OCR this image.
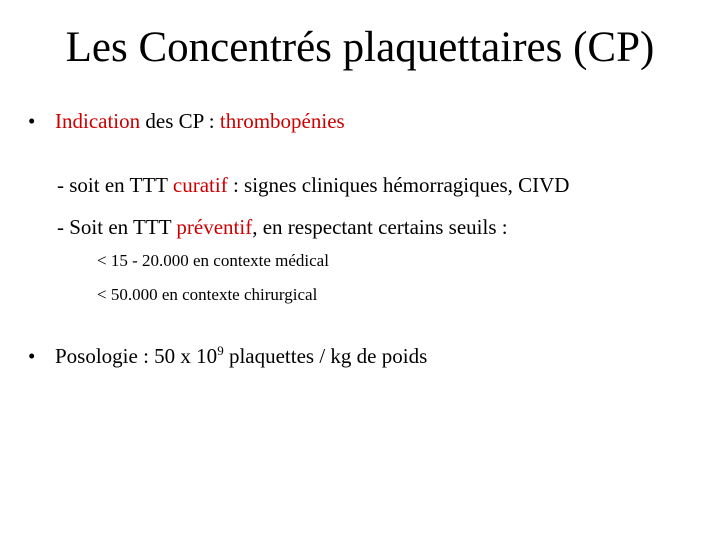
Les Concentrés plaquettaires (CP)
• Indication des CP : thrombopénies
- soit en TTT curatif : signes cliniques hémorragiques, CIVD
- Soit en TTT préventif, en respectant certains seuils :
< 15 - 20.000 en contexte médical
< 50.000 en contexte chirurgical
• Posologie : 50 x $10^9$ plaquettes / kg de poids
